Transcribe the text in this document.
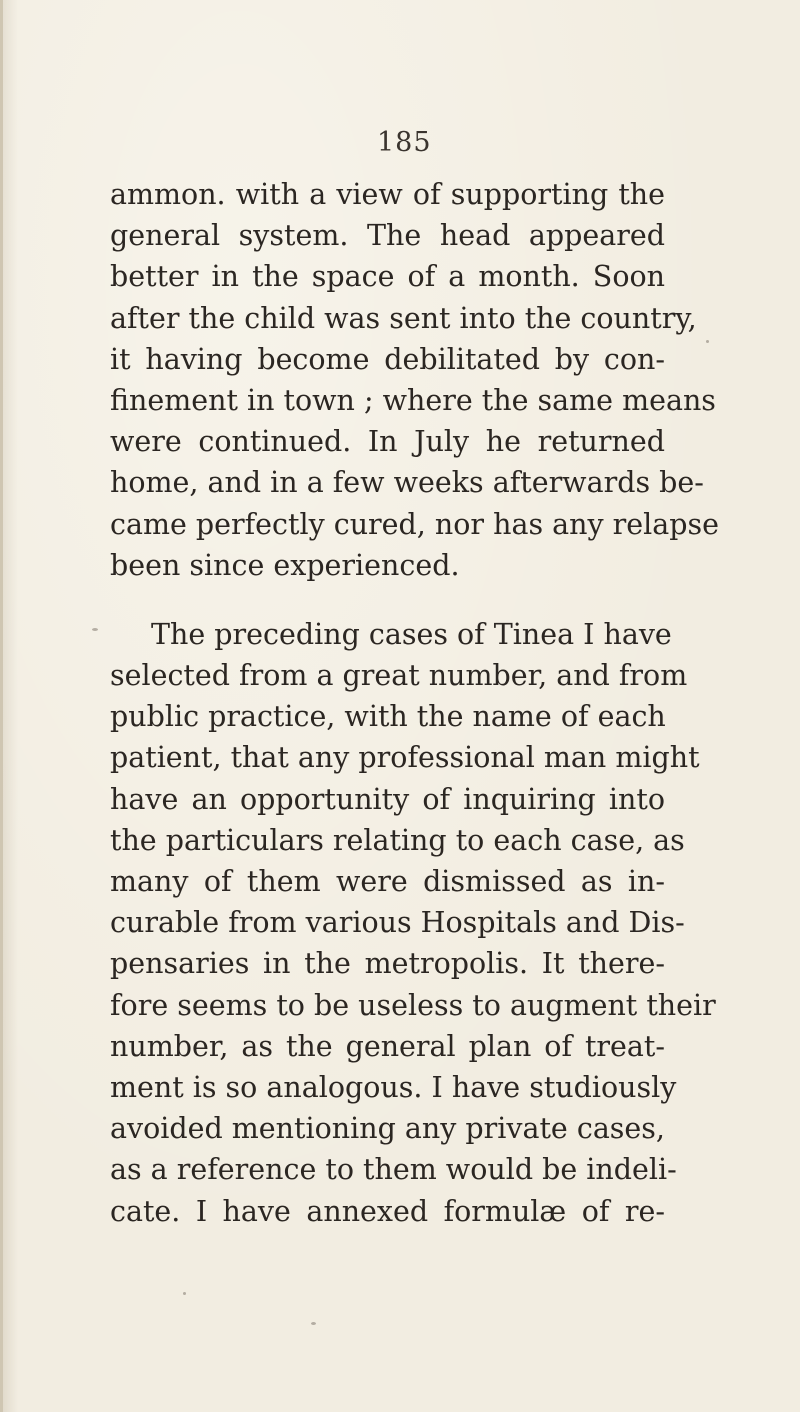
185
ammon. with a view of supporting the
general system. The head appeared
better in the space of a month. Soon
after the child was sent into the country,
it having become debilitated by con-
finement in town ; where the same means
were continued. In July he returned
home, and in a few weeks afterwards be-
came perfectly cured, nor has any relapse
been since experienced.
The preceding cases of Tinea I have
selected from a great number, and from
public practice, with the name of each
patient, that any professional man might
have an opportunity of inquiring into
the particulars relating to each case, as
many of them were dismissed as in-
curable from various Hospitals and Dis-
pensaries in the metropolis. It there-
fore seems to be useless to augment their
number, as the general plan of treat-
ment is so analogous. I have studiously
avoided mentioning any private cases,
as a reference to them would be indeli-
cate. I have annexed formulæ of re-
